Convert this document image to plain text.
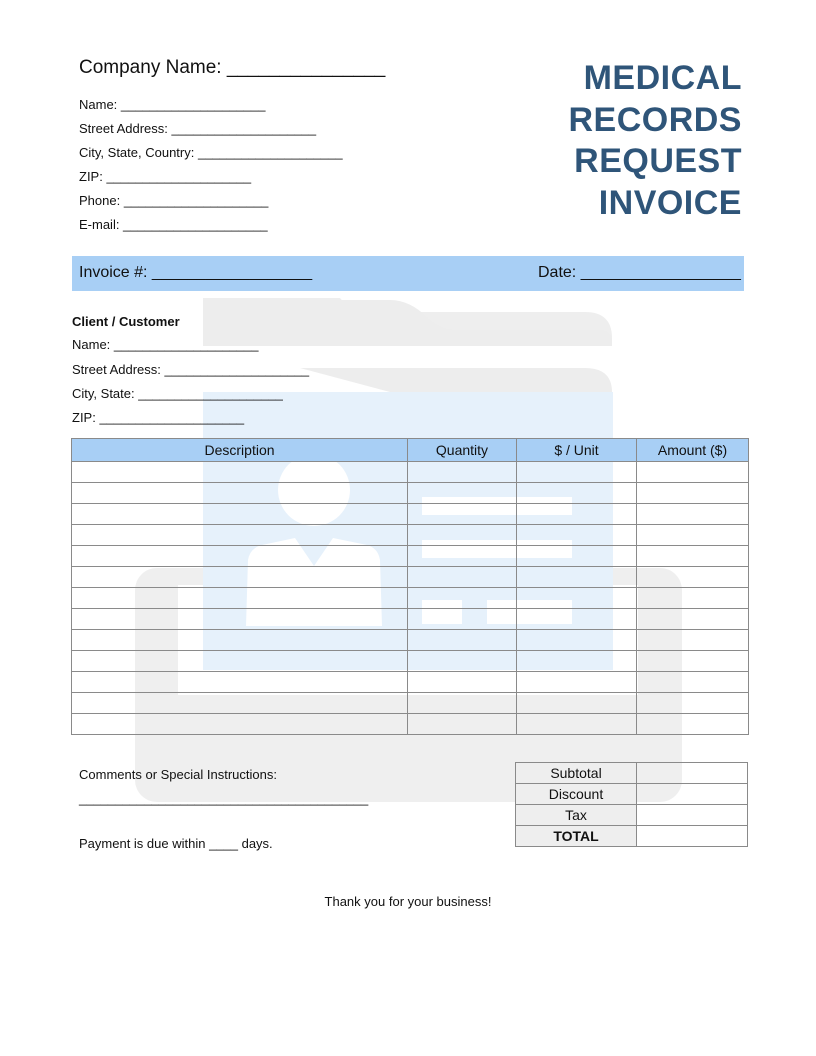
Company Name: _______________
Name: ____________________
Street Address: ____________________
City, State, Country: ____________________
ZIP: ____________________
Phone: ____________________
E-mail: ____________________
MEDICAL
RECORDS
REQUEST
INVOICE
Invoice #: __________________	Date: __________________
Client / Customer
Name: ____________________
Street Address: ____________________
City, State: ____________________
ZIP: ____________________
Description	Quantity	$ / Unit	Amount ($)

Comments or Special Instructions:
________________________________________
Payment is due within ____ days.
Subtotal	
Discount	
Tax	
TOTAL	
Thank you for your business!
